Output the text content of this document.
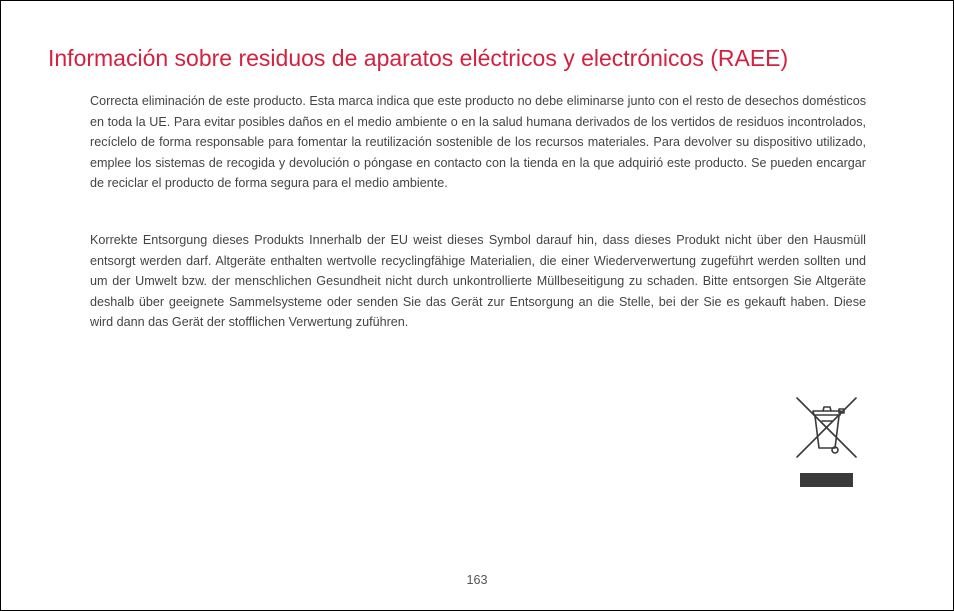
Información sobre residuos de aparatos eléctricos y electrónicos (RAEE)

Correcta eliminación de este producto. Esta marca indica que este producto no debe eliminarse junto con el resto de desechos domésticos en toda la UE. Para evitar posibles daños en el medio ambiente o en la salud humana derivados de los vertidos de residuos incontrolados, recíclelo de forma responsable para fomentar la reutilización sostenible de los recursos materiales. Para devolver su dispositivo utilizado, emplee los sistemas de recogida y devolución o póngase en contacto con la tienda en la que adquirió este producto. Se pueden encargar de reciclar el producto de forma segura para el medio ambiente.

Korrekte Entsorgung dieses Produkts Innerhalb der EU weist dieses Symbol darauf hin, dass dieses Produkt nicht über den Hausmüll entsorgt werden darf. Altgeräte enthalten wertvolle recyclingfähige Materialien, die einer Wiederverwertung zugeführt werden sollten und um der Umwelt bzw. der menschlichen Gesundheit nicht durch unkontrollierte Müllbeseitigung zu schaden. Bitte entsorgen Sie Altgeräte deshalb über geeignete Sammelsysteme oder senden Sie das Gerät zur Entsorgung an die Stelle, bei der Sie es gekauft haben. Diese wird dann das Gerät der stofflichen Verwertung zuführen.

163
